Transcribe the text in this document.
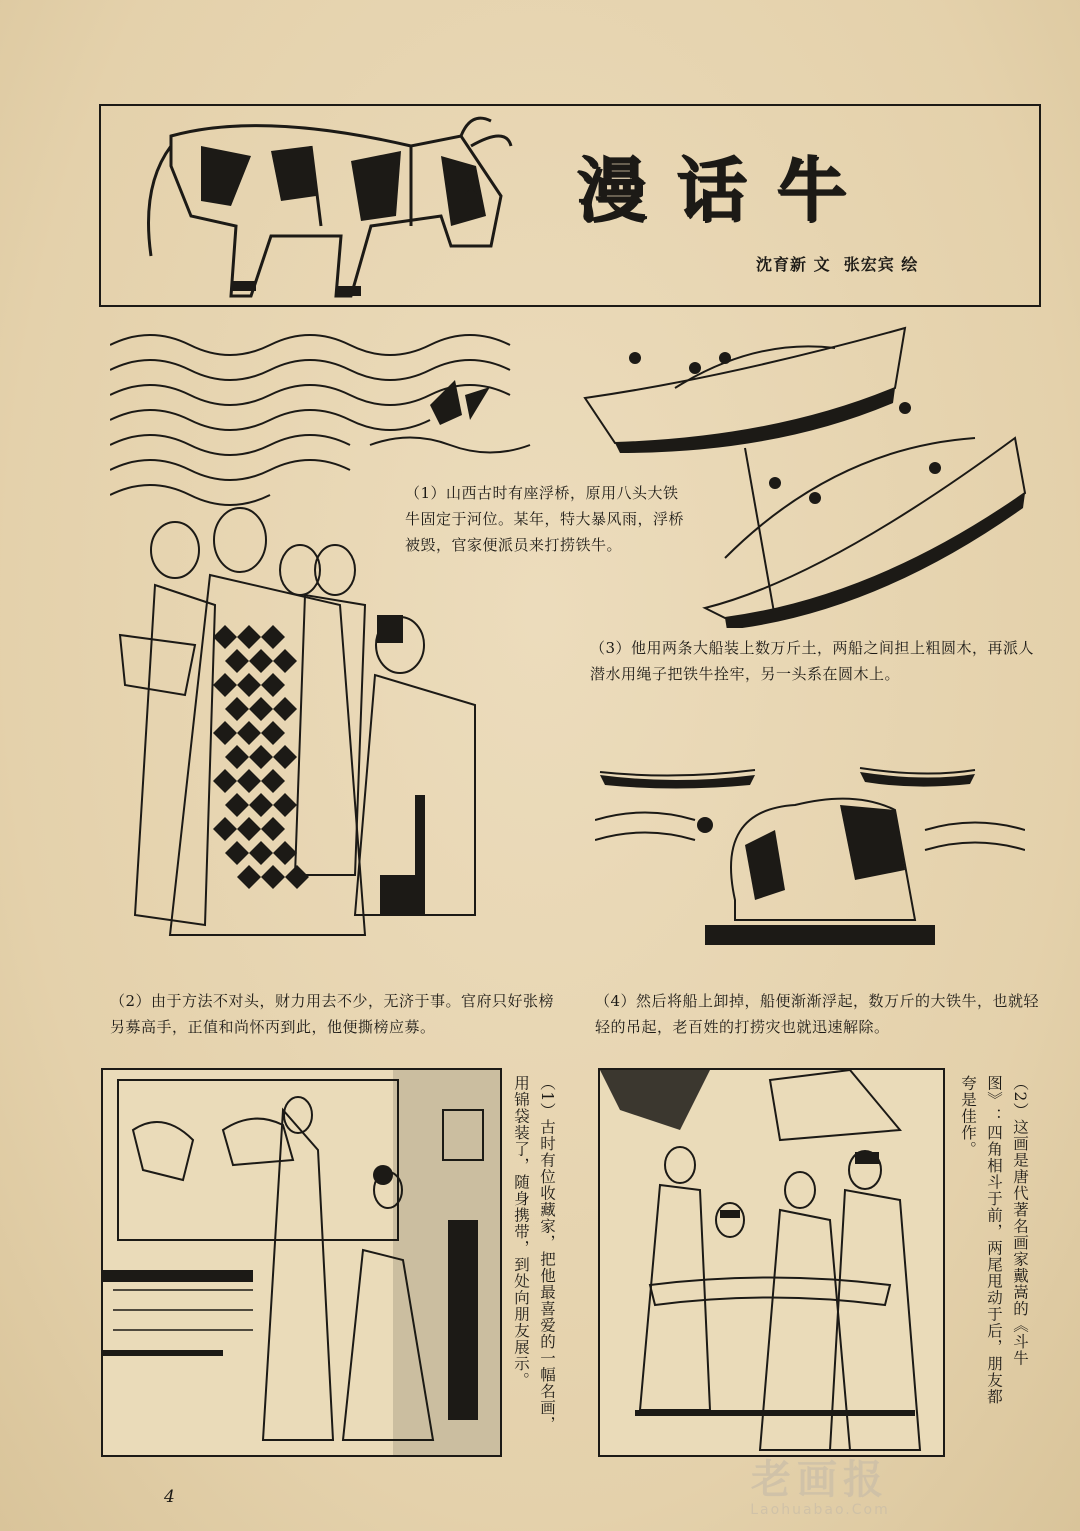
漫话牛
沈育新 文  张宏宾 绘
（1）山西古时有座浮桥，原用八头大铁牛固定于河位。某年，特大暴风雨，浮桥被毁，官家便派员来打捞铁牛。
（3）他用两条大船装上数万斤土，两船之间担上粗圆木，再派人潜水用绳子把铁牛拴牢，另一头系在圆木上。
（2）由于方法不对头，财力用去不少，无济于事。官府只好张榜另募高手，正值和尚怀丙到此，他便撕榜应募。
（4）然后将船上卸掉，船便渐渐浮起，数万斤的大铁牛，也就轻轻的吊起，老百姓的打捞灾也就迅速解除。
（1）古时有位收藏家，把他最喜爱的一幅名画，用锦袋装了，随身携带，到处向朋友展示。	（2）这画是唐代著名画家戴嵩的《斗牛图》：四角相斗于前，两尾甩动于后，朋友都夸是佳作。
4	老画报
Laohuabao.Com
